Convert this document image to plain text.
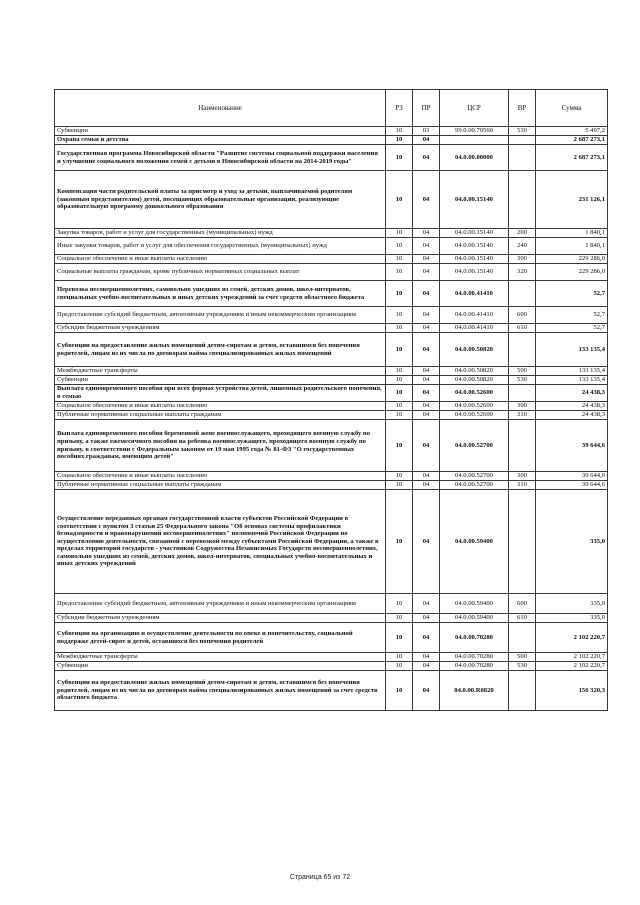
Наименование	РЗ	ПР	ЦСР	ВР	Сумма
Субвенции	10	03	99.0.00.70560	530	5 497,2
Охрана семьи и детства	10	04			2 687 273,1
Государственная программа Новосибирской области "Развитие системы социальной поддержки населения и улучшение социального положения семей с детьми в Новосибирской области на 2014-2019 годы"	10	04	04.0.00.00000		2 687 273,1
Компенсация части родительской платы за присмотр и уход за детьми, выплачиваемой родителям (законным представителям) детей, посещающих образовательные организации, реализующие образовательную программу дошкольного образования	10	04	04.0.00.15140		231 126,1
Закупка товаров, работ и услуг для государственных (муниципальных) нужд	10	04	04.0.00.15140	200	1 840,1
Иные закупки товаров, работ и услуг для обеспечения государственных (муниципальных) нужд	10	04	04.0.00.15140	240	1 840,1
Социальное обеспечение и иные выплаты населению	10	04	04.0.00.15140	300	229 286,0
Социальные выплаты гражданам, кроме публичных нормативных социальных выплат	10	04	04.0.00.15140	320	229 286,0
Перевозка несовершеннолетних, самовольно ушедших из семей, детских домов, школ-интернатов, специальных учебно-воспитательных и иных детских учреждений за счет средств областного бюджета	10	04	04.0.00.41410		52,7
Предоставление субсидий бюджетным, автономным учреждениям и иным некоммерческим организациям	10	04	04.0.00.41410	600	52,7
Субсидии бюджетным учреждениям	10	04	04.0.00.41410	610	52,7
Субвенции на предоставление жилых помещений детям-сиротам и детям, оставшимся без попечения родителей, лицам из их числа по договорам найма специализированных жилых помещений	10	04	04.0.00.50820		133 135,4
Межбюджетные трансферты	10	04	04.0.00.50820	500	133 135,4
Субвенции	10	04	04.0.00.50820	530	133 135,4
Выплата единовременного пособия при всех формах устройства детей, лишенных родительского попечения, в семью	10	04	04.0.00.52600		24 438,3
Социальное обеспечение и иные выплаты населению	10	04	04.0.00.52600	300	24 438,3
Публичные нормативные социальные выплаты гражданам	10	04	04.0.00.52600	310	24 438,3
Выплата единовременного пособия беременной жене военнослужащего, проходящего военную службу по призыву, а также ежемесячного пособия на ребенка военнослужащего, проходящего военную службу по призыву, в соответствии с Федеральным законом от 19 мая 1995 года № 81-ФЗ "О государственных пособиях гражданам, имеющим детей"	10	04	04.0.00.52700		39 644,6
Социальное обеспечение и иные выплаты населению	10	04	04.0.00.52700	300	39 644,6
Публичные нормативные социальные выплаты гражданам	10	04	04.0.00.52700	310	39 644,6
Осуществление переданных органам государственной власти субъектов Российской Федерации в соответствии с пунктом 3 статьи 25 Федерального закона "Об основах системы профилактики безнадзорности и правонарушений несовершеннолетних" полномочий Российской Федерации по осуществлению деятельности, связанной с перевозкой между субъектами Российской Федерации, а также в пределах территорий государств - участников Содружества Независимых Государств несовершеннолетних, самовольно ушедших из семей, детских домов, школ-интернатов, специальных учебно-воспитательных и иных детских учреждений	10	04	04.0.00.59400		335,0
Предоставление субсидий бюджетным, автономным учреждениям и иным некоммерческим организациям	10	04	04.0.00.59400	600	335,0
Субсидии бюджетным учреждениям	10	04	04.0.00.59400	610	335,0
Субвенции на организацию и осуществление деятельности по опеке и попечительству, социальной поддержке детей-сирот и детей, оставшихся без попечения родителей	10	04	04.0.00.70280		2 102 220,7
Межбюджетные трансферты	10	04	04.0.00.70280	500	2 102 220,7
Субвенции	10	04	04.0.00.70280	530	2 102 220,7
Субвенции на предоставление жилых помещений детям-сиротам и детям, оставшимся без попечения родителей, лицам из их числа по договорам найма специализированных жилых помещений за счет средств областного бюджета	10	04	04.0.00.R0820		156 320,3
Страница 65 из 72
